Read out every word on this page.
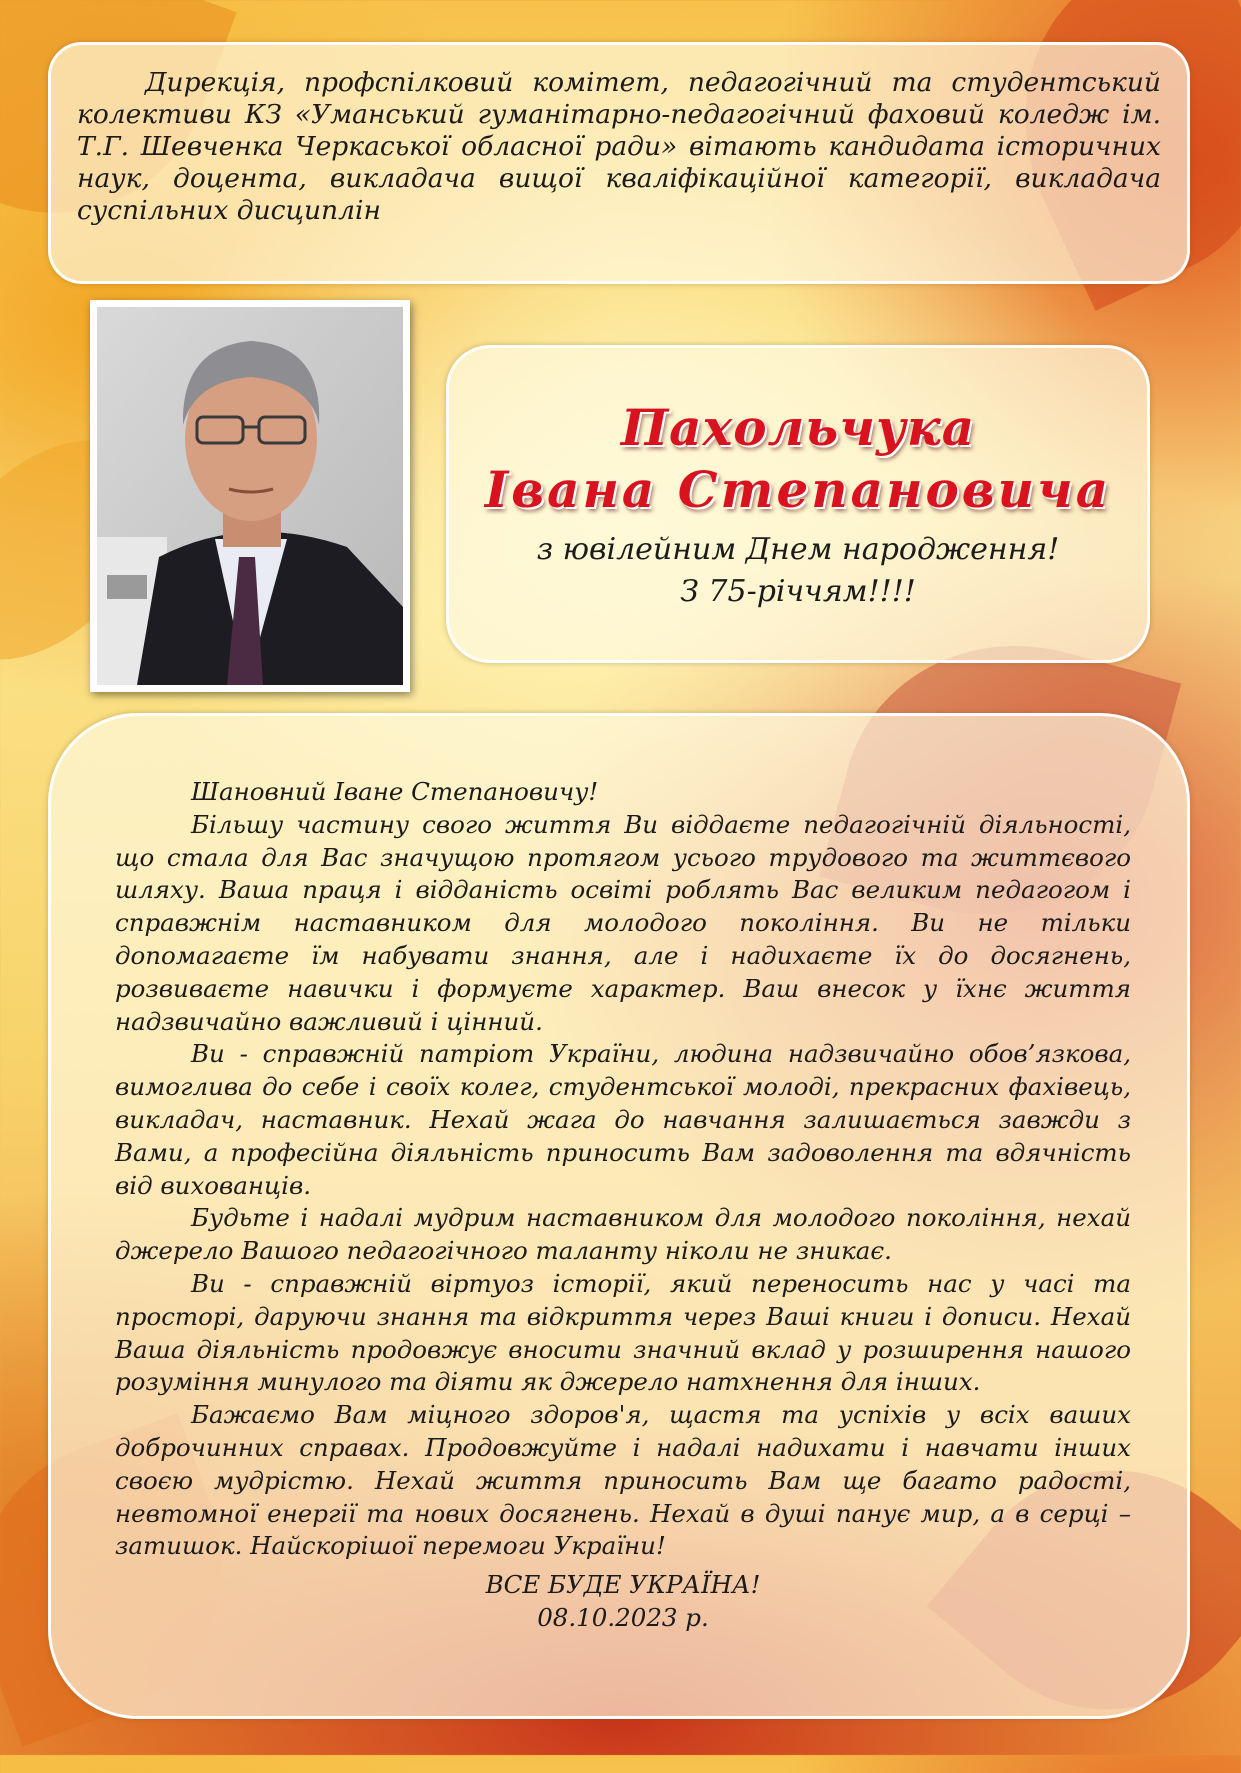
Дирекція, профспілковий комітет, педагогічний та студентський колективи КЗ «Уманський гуманітарно-педагогічний фаховий коледж ім. Т.Г. Шевченка Черкаської обласної ради» вітають кандидата історичних наук, доцента, викладача вищої кваліфікаційної категорії, викладача суспільних дисциплін

Пахольчука
Івана Степановича

з ювілейним Днем народження!

З 75-річчям!!!!

Шановний Іване Степановичу!

Більшу частину свого життя Ви віддаєте педагогічній діяльності, що стала для Вас значущою протягом усього трудового та життєвого шляху. Ваша праця і відданість освіті роблять Вас великим педагогом і справжнім наставником для молодого покоління. Ви не тільки допомагаєте їм набувати знання, але і надихаєте їх до досягнень, розвиваєте навички і формуєте характер. Ваш внесок у їхнє життя надзвичайно важливий і цінний.

Ви - справжній патріот України, людина надзвичайно обов’язкова, вимоглива до себе і своїх колег, студентської молоді, прекрасних фахівець, викладач, наставник. Нехай жага до навчання залишається завжди з Вами, а професійна діяльність приносить Вам задоволення та вдячність від вихованців.

Будьте і надалі мудрим наставником для молодого покоління, нехай джерело Вашого педагогічного таланту ніколи не зникає.

Ви - справжній віртуоз історії, який переносить нас у часі та просторі, даруючи знання та відкриття через Ваші книги і дописи. Нехай Ваша діяльність продовжує вносити значний вклад у розширення нашого розуміння минулого та діяти як джерело натхнення для інших.

Бажаємо Вам міцного здоров'я, щастя та успіхів у всіх ваших доброчинних справах. Продовжуйте і надалі надихати і навчати інших своєю мудрістю. Нехай життя приносить Вам ще багато радості, невтомної енергії та нових досягнень. Нехай в душі панує мир, а в серці – затишок. Найскорішої перемоги України!

ВСЕ БУДЕ УКРАЇНА!

08.10.2023 р.
